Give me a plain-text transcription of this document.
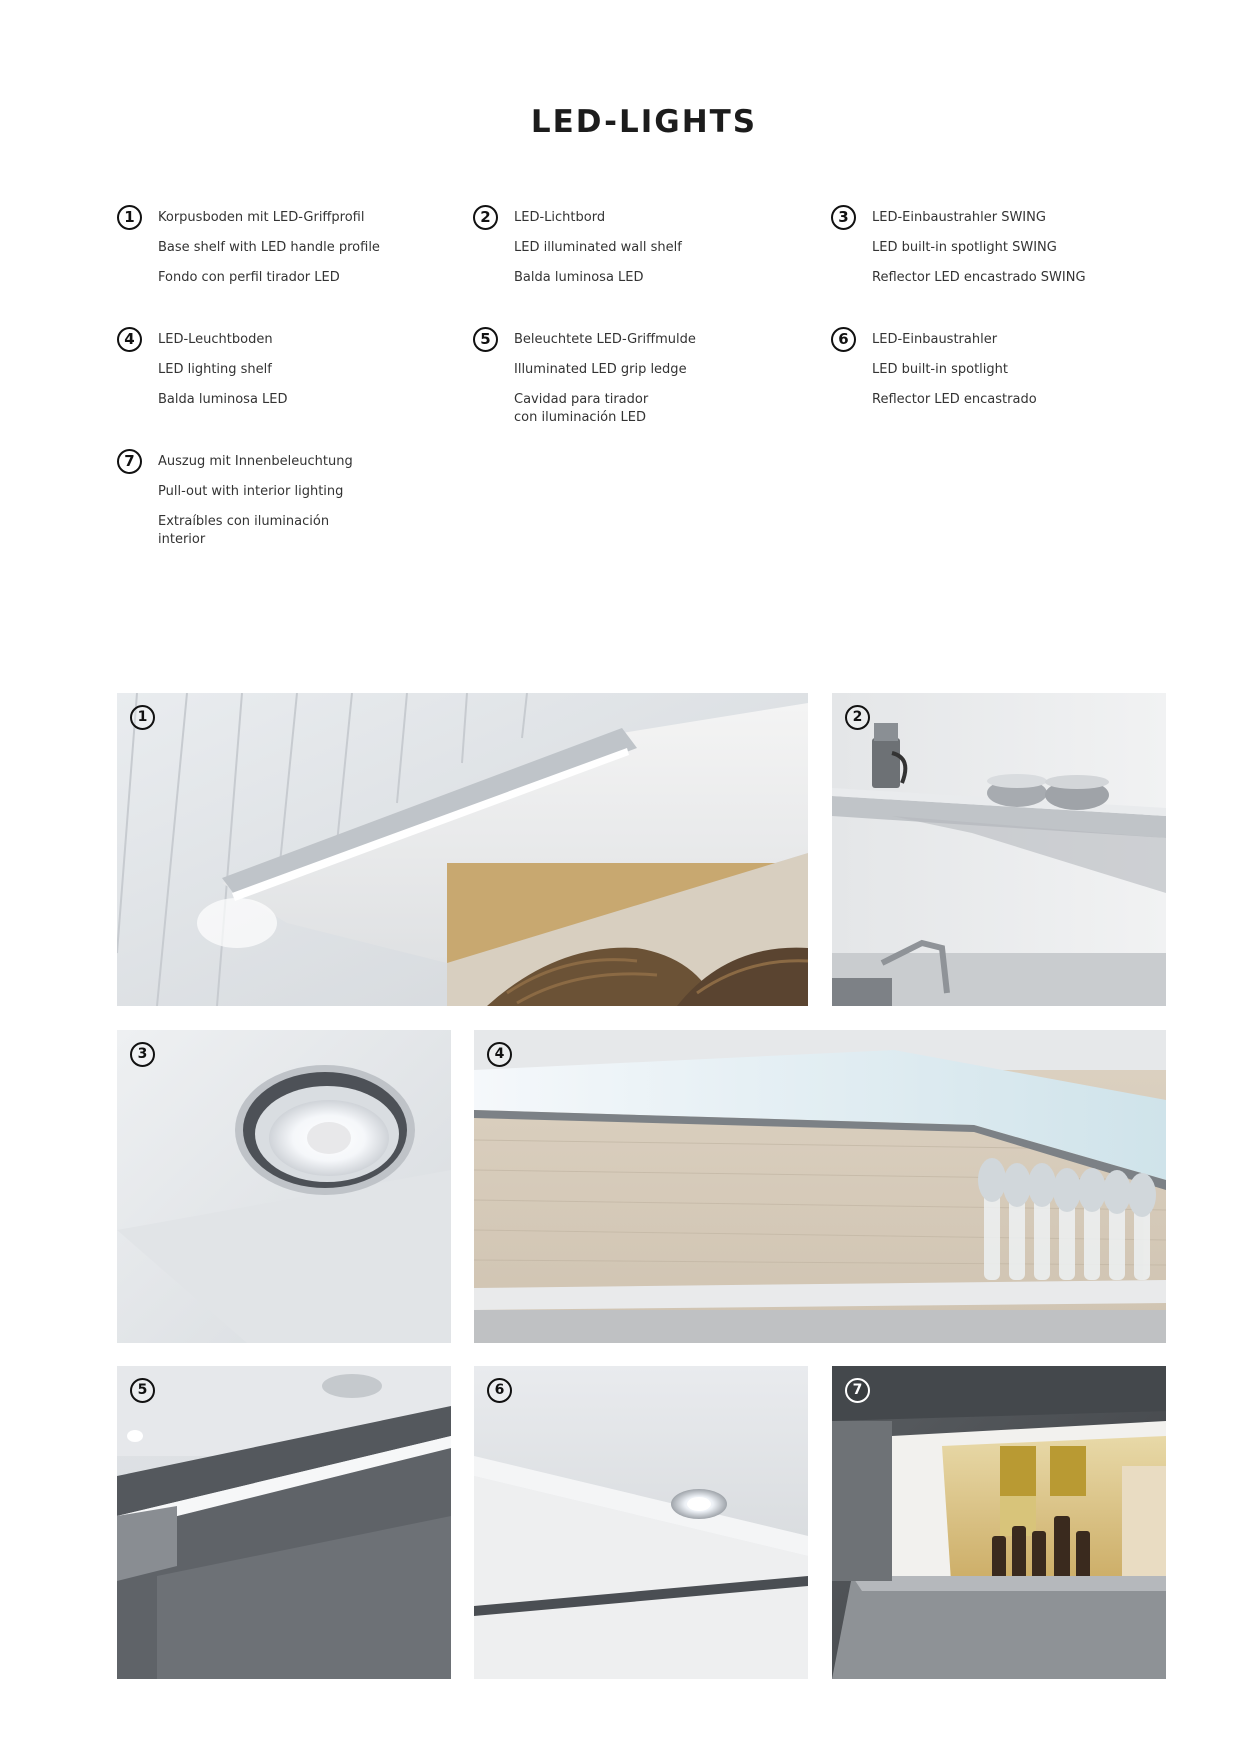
LED-LIGHTS
1	Korpusboden mit LED-Griffprofil
Base shelf with LED handle profile
Fondo con perfil tirador LED
2	LED-Lichtbord
LED illuminated wall shelf
Balda luminosa LED
3	LED-Einbaustrahler SWING
LED built-in spotlight SWING
Reflector LED encastrado SWING
4	LED-Leuchtboden
LED lighting shelf
Balda luminosa LED
5	Beleuchtete LED-Griffmulde
Illuminated LED grip ledge
Cavidad para tirador
con iluminación LED
6	LED-Einbaustrahler
LED built-in spotlight
Reflector LED encastrado
7	Auszug mit Innenbeleuchtung
Pull-out with interior lighting
Extraíbles con iluminación
interior
1	2
3	4
5	6	7
